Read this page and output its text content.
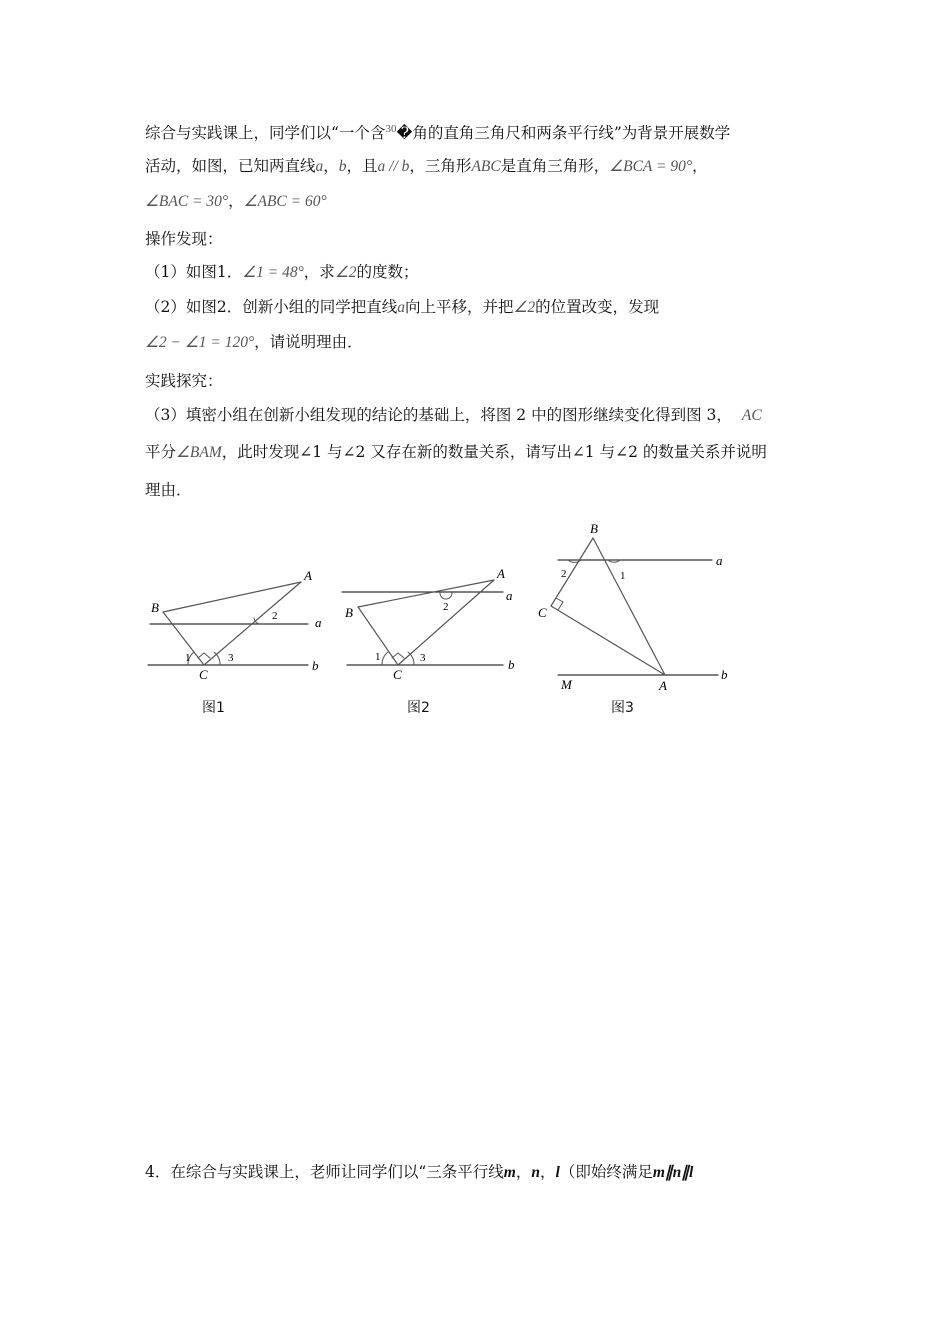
综合与实践课上，同学们以“一个含$^{30}$�角的直角三角尺和两条平行线”为背景开展数学
活动，如图，已知两直线a，b，且a // b，三角形ABC是直角三角形，∠BCA = 90°，
∠BAC = 30°，∠ABC = 60°
操作发现：
（1）如图1．∠1 = 48°，求∠2的度数；
（2）如图2．创新小组的同学把直线a向上平移，并把∠2的位置改变，发现
∠2 − ∠1 = 120°，请说明理由．
实践探究：
（3）填密小组在创新小组发现的结论的基础上，将图 2 中的图形继续变化得到图 3， AC
平分∠BAM，此时发现∠1 与∠2 又存在新的数量关系，请写出∠1 与∠2 的数量关系并说明
理由．
A
B
C
a
b
1
2
3
A
B
C
a
b
1
2
3
B
C
A
M
a
b
2	1
图1	图2	图3
4．在综合与实践课上，老师让同学们以“三条平行线m，n，l（即始终满足m∥n∥l
